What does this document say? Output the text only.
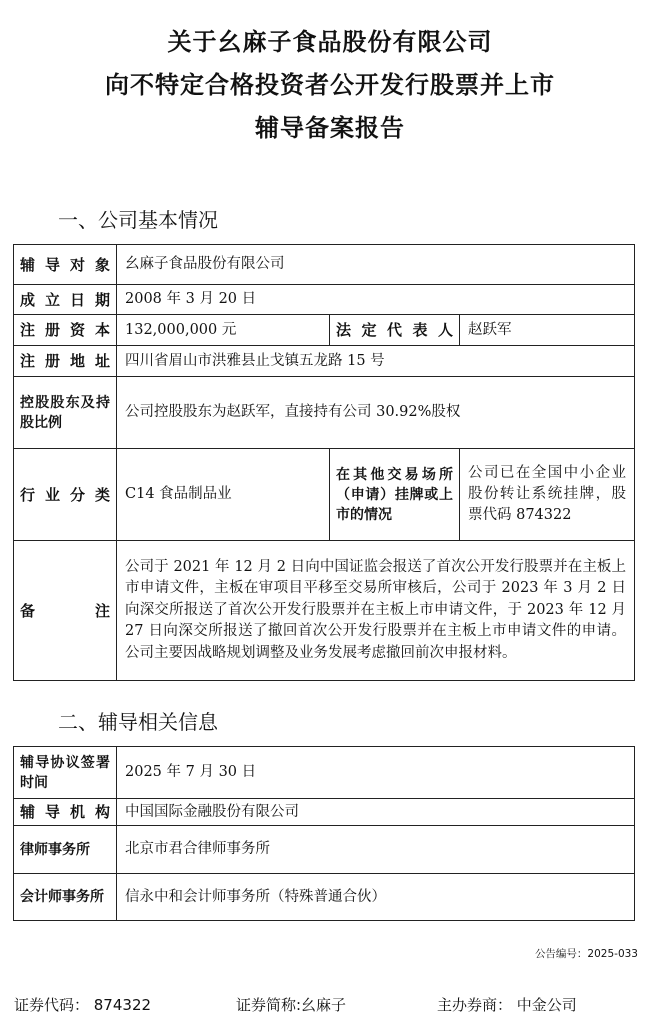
关于幺麻子食品股份有限公司
向不特定合格投资者公开发行股票并上市
辅导备案报告
一、公司基本情况
辅导对象	幺麻子食品股份有限公司		
成立日期	2008 年 3 月 20 日		
注册资本	132,000,000 元	法定代表人	赵跃军
注册地址	四川省眉山市洪雅县止戈镇五龙路 15 号		
控股股东及持股比例	公司控股股东为赵跃军，直接持有公司 30.92%股权		
行业分类	C14 食品制品业	在其他交易场所（申请）挂牌或上市的情况	公司已在全国中小企业股份转让系统挂牌，股票代码 874322
备注	公司于 2021 年 12 月 2 日向中国证监会报送了首次公开发行股票并在主板上市申请文件，主板在审项目平移至交易所审核后，公司于 2023 年 3 月 2 日向深交所报送了首次公开发行股票并在主板上市申请文件，于 2023 年 12 月 27 日向深交所报送了撤回首次公开发行股票并在主板上市申请文件的申请。公司主要因战略规划调整及业务发展考虑撤回前次申报材料。		
二、辅导相关信息
辅导协议签署时间	2025 年 7 月 30 日
辅导机构	中国国际金融股份有限公司
律师事务所	北京市君合律师事务所
会计师事务所	信永中和会计师事务所（特殊普通合伙）
公告编号：2025-033
证券代码： 874322	证券简称:幺麻子	主办券商： 中金公司
